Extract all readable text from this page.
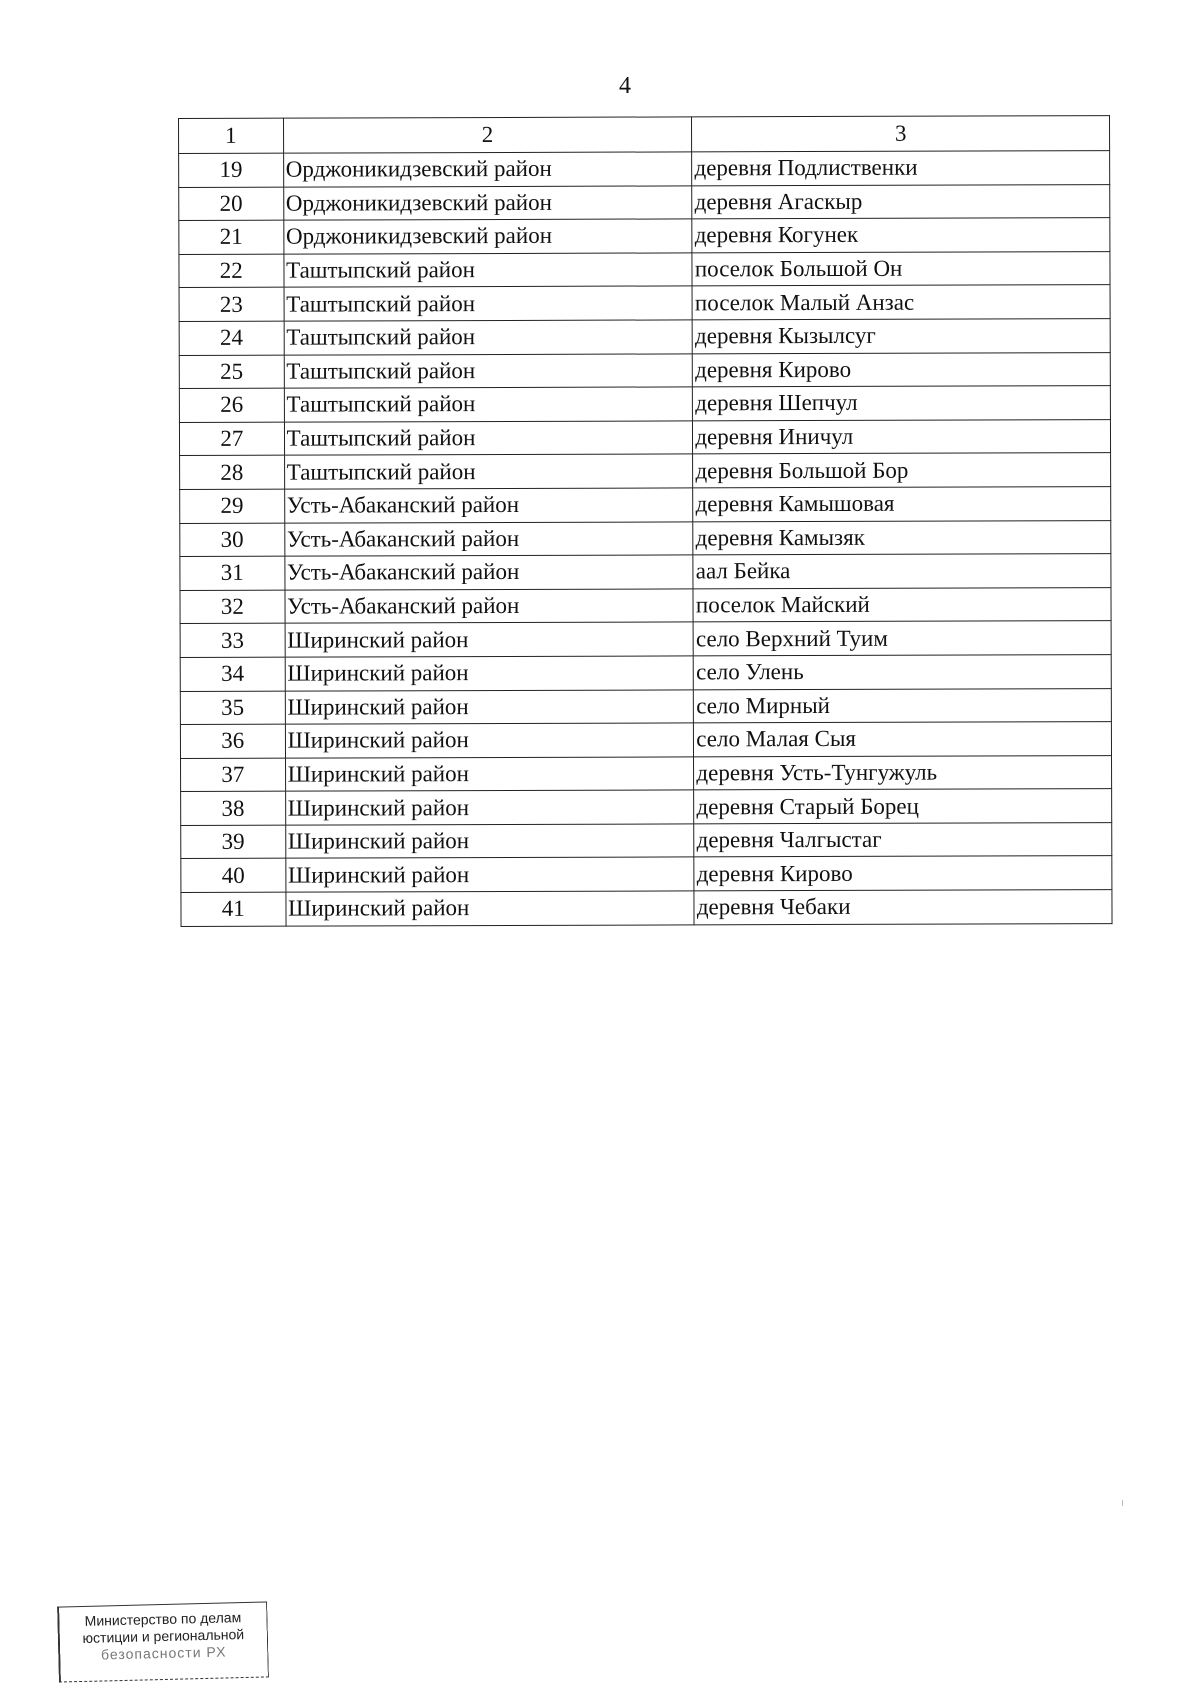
4
1	2	3
19	Орджоникидзевский район	деревня Подлиственки
20	Орджоникидзевский район	деревня Агаскыр
21	Орджоникидзевский район	деревня Когунек
22	Таштыпский район	поселок Большой Он
23	Таштыпский район	поселок Малый Анзас
24	Таштыпский район	деревня Кызылсуг
25	Таштыпский район	деревня Кирово
26	Таштыпский район	деревня Шепчул
27	Таштыпский район	деревня Иничул
28	Таштыпский район	деревня Большой Бор
29	Усть-Абаканский район	деревня Камышовая
30	Усть-Абаканский район	деревня Камызяк
31	Усть-Абаканский район	аал Бейка
32	Усть-Абаканский район	поселок Майский
33	Ширинский район	село Верхний Туим
34	Ширинский район	село Улень
35	Ширинский район	село Мирный
36	Ширинский район	село Малая Сыя
37	Ширинский район	деревня Усть-Тунгужуль
38	Ширинский район	деревня Старый Борец
39	Ширинский район	деревня Чалгыстаг
40	Ширинский район	деревня Кирово
41	Ширинский район	деревня Чебаки
Министерство по делам
юстиции и региональной
безопасности РХ
